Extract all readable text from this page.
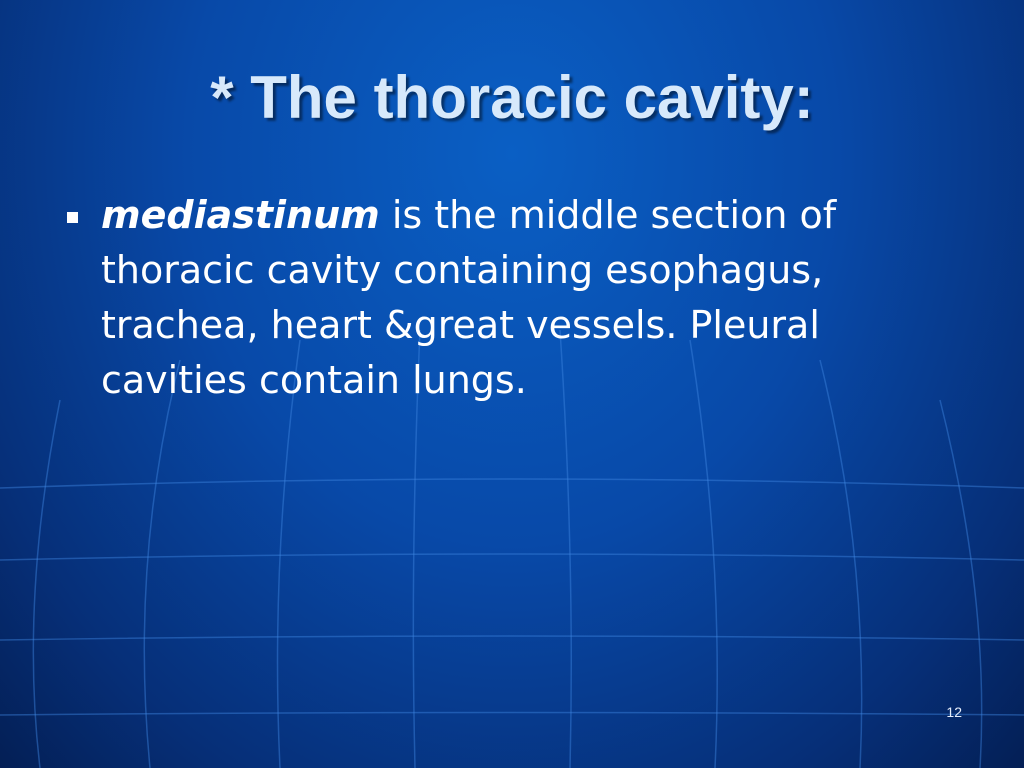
* The thoracic cavity:
mediastinum is the middle section of thoracic cavity containing esophagus, trachea, heart &great vessels. Pleural cavities contain lungs.
12
